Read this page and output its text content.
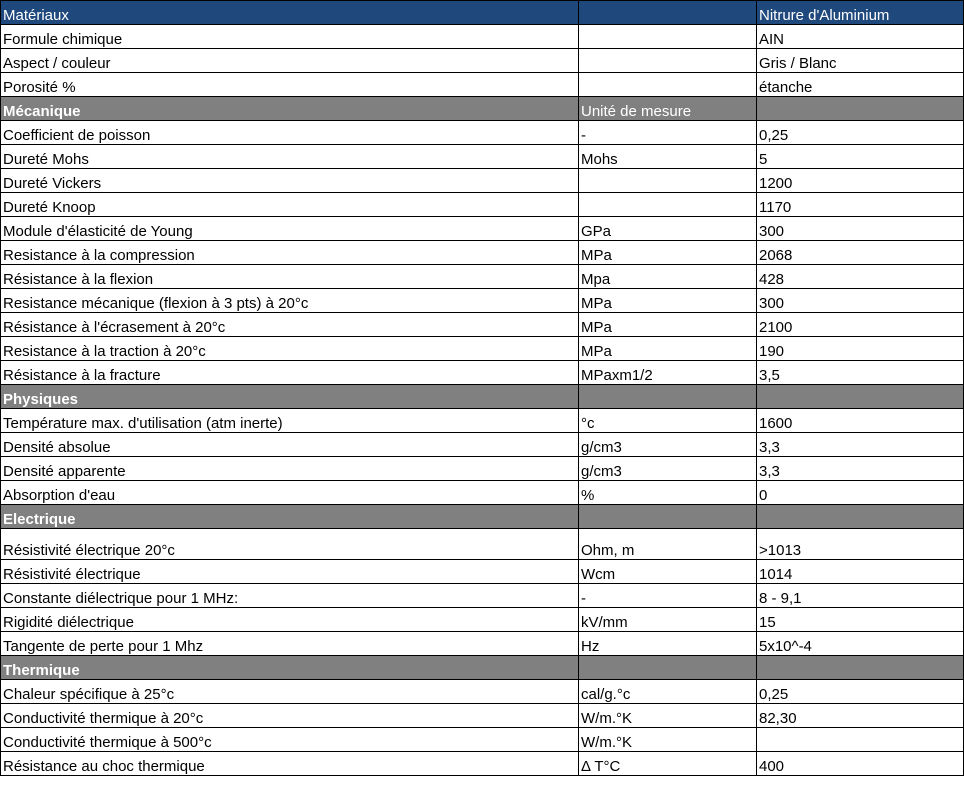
Matériaux		Nitrure d'Aluminium
Formule chimique		AIN
Aspect / couleur		Gris / Blanc
Porosité %		étanche
Mécanique	Unité de mesure	
Coefficient de poisson	-	0,25
Dureté Mohs	Mohs	5
Dureté Vickers		1200
Dureté Knoop		1170
Module d'élasticité de Young	GPa	300
Resistance à la compression	MPa	2068
Résistance à la flexion	Mpa	428
Resistance mécanique (flexion à 3 pts) à 20°c	MPa	300
Résistance à l'écrasement à 20°c	MPa	2100
Resistance à la traction à 20°c	MPa	190
Résistance à la fracture	MPaxm1/2	3,5
Physiques		
Température max. d'utilisation (atm inerte)	°c	1600
Densité absolue	g/cm3	3,3
Densité apparente	g/cm3	3,3
Absorption d'eau	%	0
Electrique		
Résistivité électrique 20°c	Ohm, m	>1013
Résistivité électrique	Wcm	1014
Constante diélectrique pour 1 MHz:	-	8 - 9,1
Rigidité diélectrique	kV/mm	15
Tangente de perte pour 1 Mhz	Hz	5x10^-4
Thermique		
Chaleur spécifique à 25°c	cal/g.°c	0,25
Conductivité thermique à 20°c	W/m.°K	82,30
Conductivité thermique à 500°c	W/m.°K	
Résistance au choc thermique	Δ T°C	400
